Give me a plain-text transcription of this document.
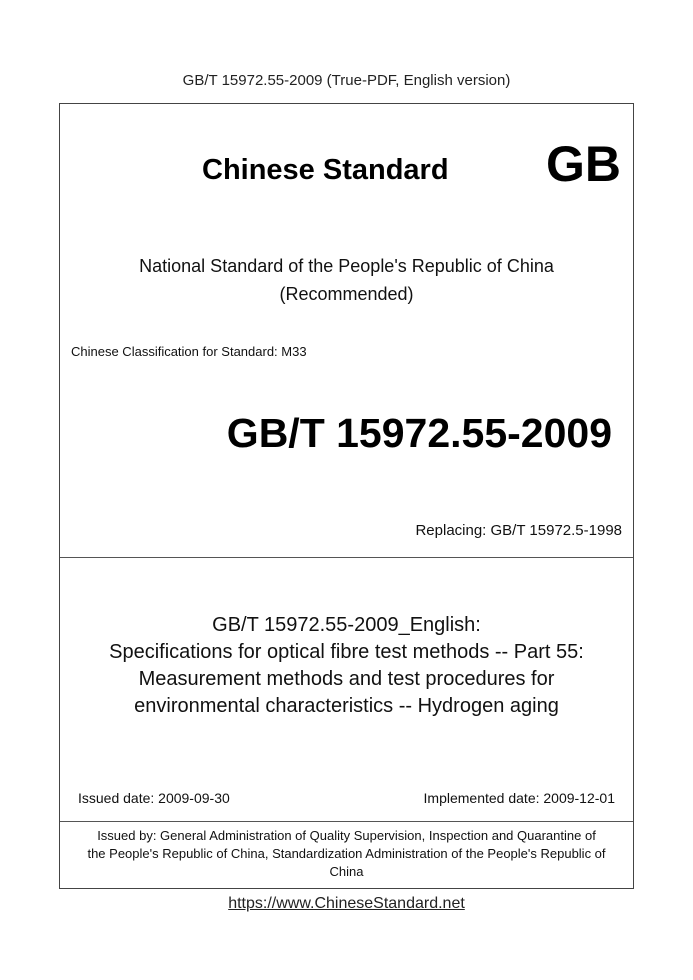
GB/T 15972.55-2009 (True-PDF, English version)
Chinese Standard GB
National Standard of the People's Republic of China
(Recommended)
Chinese Classification for Standard: M33
GB/T 15972.55-2009
Replacing: GB/T 15972.5-1998
GB/T 15972.55-2009_English:
Specifications for optical fibre test methods -- Part 55:
Measurement methods and test procedures for
environmental characteristics -- Hydrogen aging
Issued date: 2009-09-30	Implemented date: 2009-12-01
Issued by: General Administration of Quality Supervision, Inspection and Quarantine of
the People's Republic of China, Standardization Administration of the People's Republic of
China
https://www.ChineseStandard.net
